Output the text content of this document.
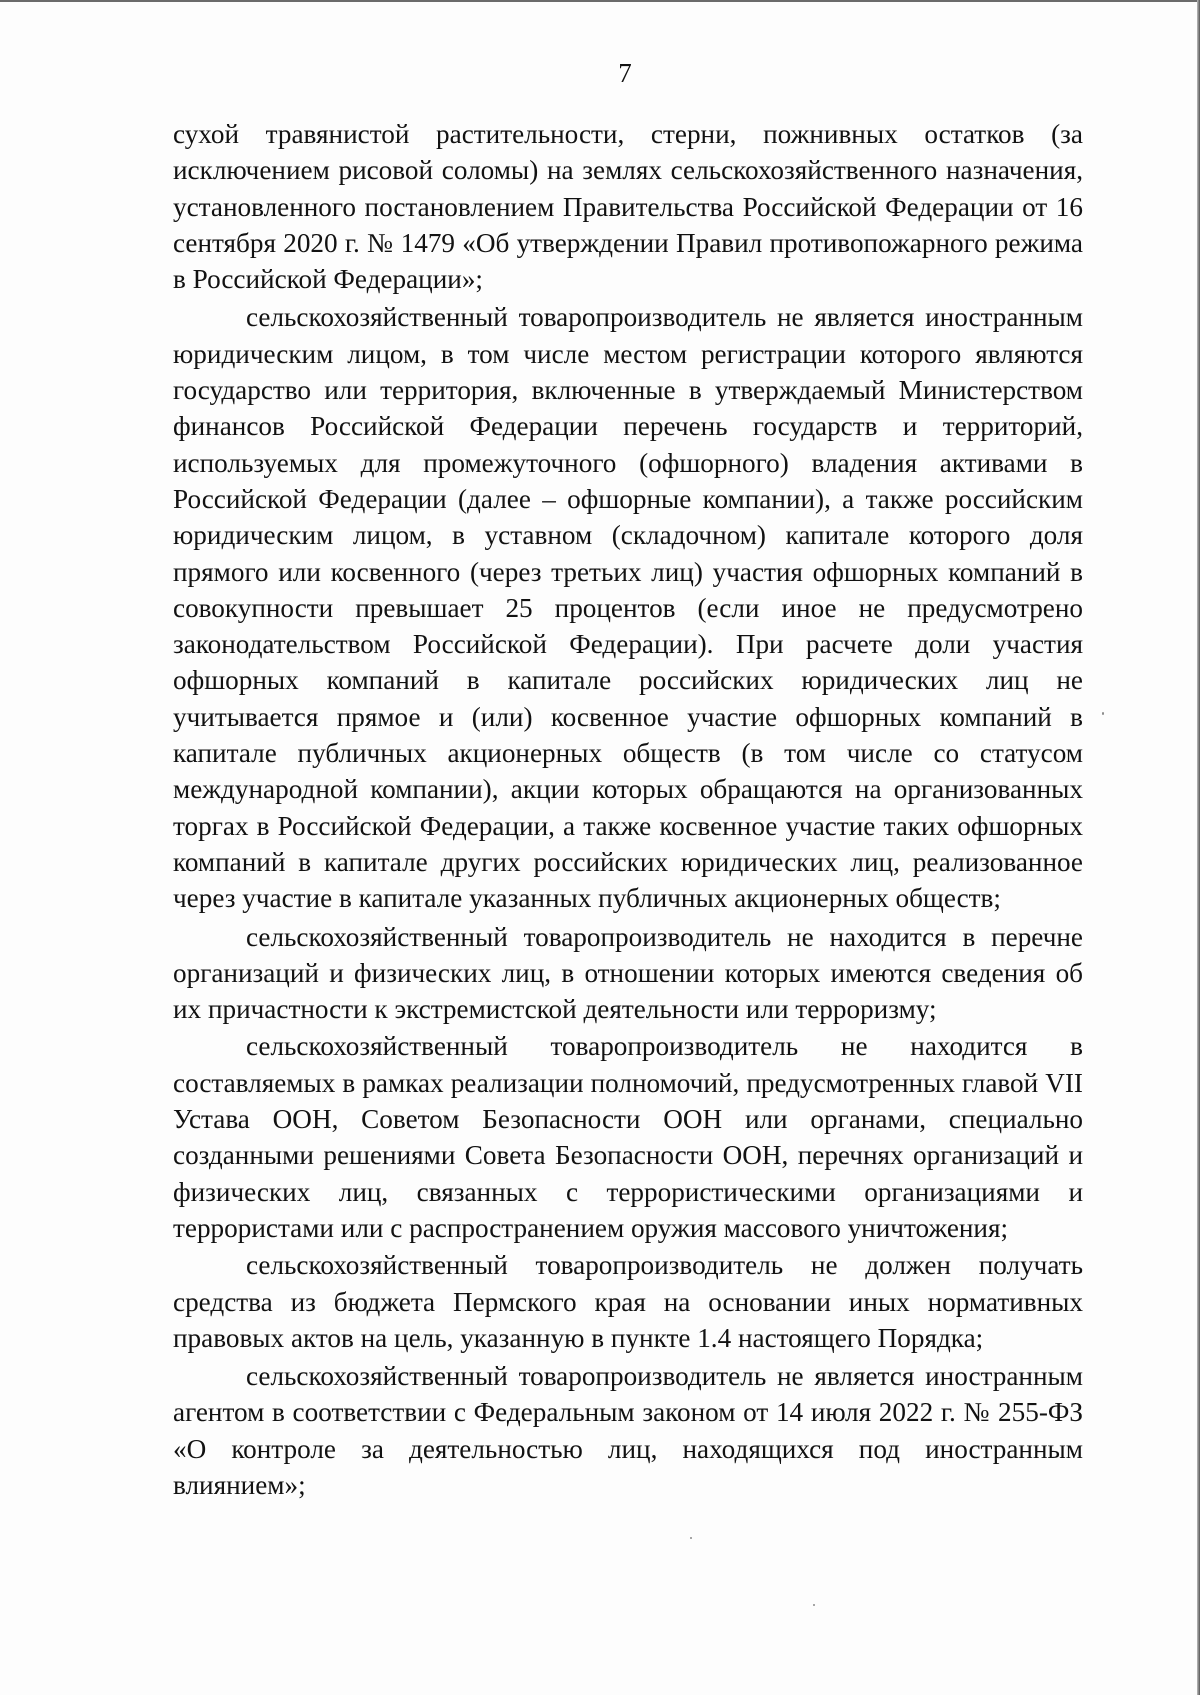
7

сухой травянистой растительности, стерни, пожнивных остатков (за исключением рисовой соломы) на землях сельскохозяйственного назначения, установленного постановлением Правительства Российской Федерации от 16 сентября 2020 г. № 1479 «Об утверждении Правил противопожарного режима в Российской Федерации»;

сельскохозяйственный товаропроизводитель не является иностранным юридическим лицом, в том числе местом регистрации которого являются государство или территория, включенные в утверждаемый Министерством финансов Российской Федерации перечень государств и территорий, используемых для промежуточного (офшорного) владения активами в Российской Федерации (далее – офшорные компании), а также российским юридическим лицом, в уставном (складочном) капитале которого доля прямого или косвенного (через третьих лиц) участия офшорных компаний в совокупности превышает 25 процентов (если иное не предусмотрено законодательством Российской Федерации). При расчете доли участия офшорных компаний в капитале российских юридических лиц не учитывается прямое и (или) косвенное участие офшорных компаний в капитале публичных акционерных обществ (в том числе со статусом международной компании), акции которых обращаются на организованных торгах в Российской Федерации, а также косвенное участие таких офшорных компаний в капитале других российских юридических лиц, реализованное через участие в капитале указанных публичных акционерных обществ;

сельскохозяйственный товаропроизводитель не находится в перечне организаций и физических лиц, в отношении которых имеются сведения об их причастности к экстремистской деятельности или терроризму;

сельскохозяйственный товаропроизводитель не находится в составляемых в рамках реализации полномочий, предусмотренных главой VII Устава ООН, Советом Безопасности ООН или органами, специально созданными решениями Совета Безопасности ООН, перечнях организаций и физических лиц, связанных с террористическими организациями и террористами или с распространением оружия массового уничтожения;

сельскохозяйственный товаропроизводитель не должен получать средства из бюджета Пермского края на основании иных нормативных правовых актов на цель, указанную в пункте 1.4 настоящего Порядка;

сельскохозяйственный товаропроизводитель не является иностранным агентом в соответствии с Федеральным законом от 14 июля 2022 г. № 255-ФЗ «О контроле за деятельностью лиц, находящихся под иностранным влиянием»;
